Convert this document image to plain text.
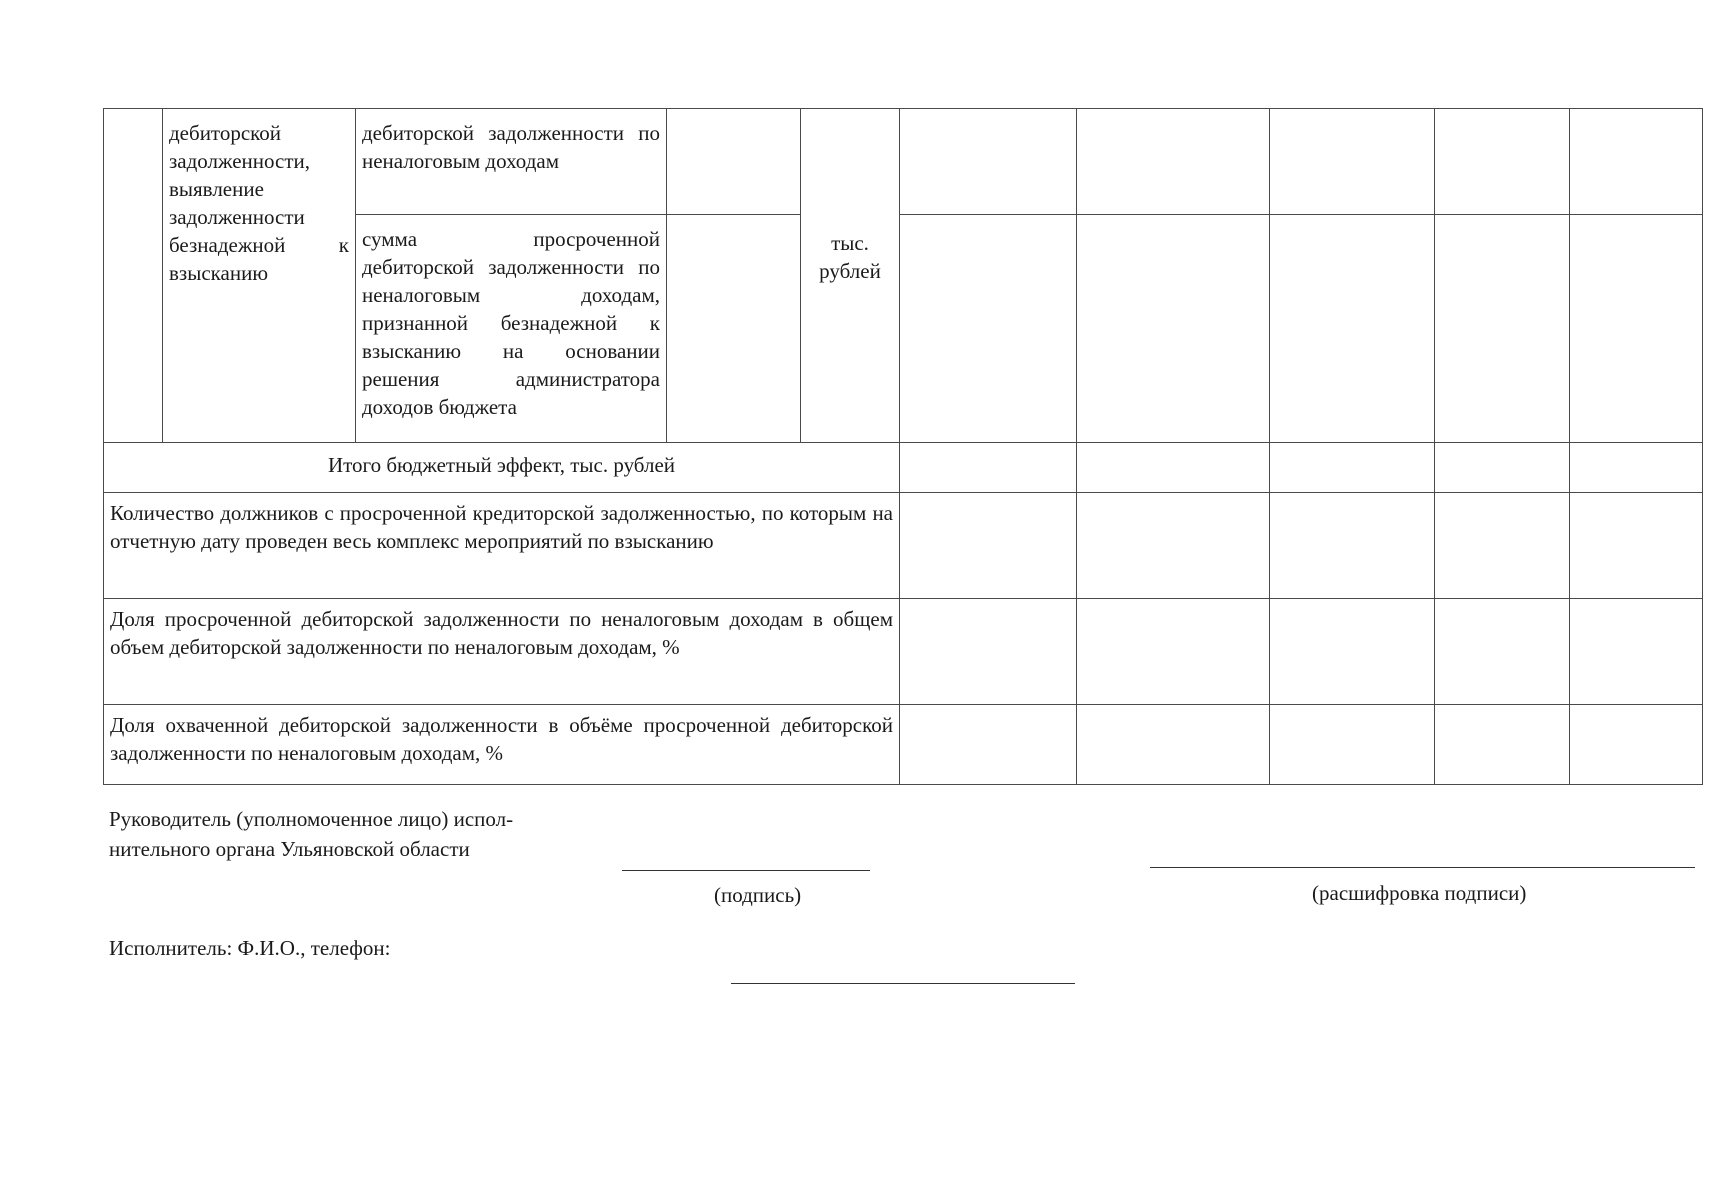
	дебиторской задолженности, выявление задолженности безнадежной к взысканию	дебиторской задолженности по неналоговым доходам		тыс. рублей					

		сумма просроченной дебиторской задолженности по неналоговым доходам, признанной безнадежной к взысканию на основании решения администратора доходов бюджета							

Итого бюджетный эффект, тыс. рублей									

Количество должников с просроченной кредиторской задолженностью, по которым на отчетную дату проведен весь комплекс мероприятий по взысканию									

Доля просроченной дебиторской задолженности по неналоговым доходам в общем объем дебиторской задолженности по неналоговым доходам, %									

Доля охваченной дебиторской задолженности в объёме просроченной дебиторской задолженности по неналоговым доходам, %									

Руководитель (уполномоченное лицо) испол-
нительного органа Ульяновской области
(подпись)	(расшифровка подписи)
Исполнитель: Ф.И.О., телефон:
